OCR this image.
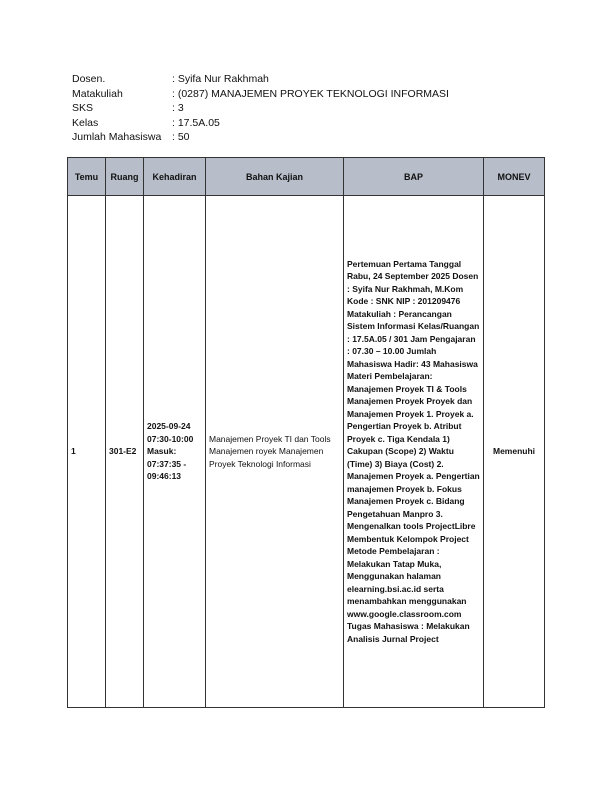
Dosen.	: Syifa Nur Rakhmah
Matakuliah	: (0287) MANAJEMEN PROYEK TEKNOLOGI INFORMASI
SKS	: 3
Kelas	: 17.5A.05
Jumlah Mahasiswa	: 50
Temu	Ruang	Kehadiran	Bahan Kajian	BAP	MONEV
1	301-E2	2025-09-24 07:30-10:00 Masuk: 07:37:35 - 09:46:13	Manajemen Proyek TI dan Tools Manajemen royek Manajemen Proyek Teknologi Informasi	Pertemuan Pertama Tanggal Rabu, 24 September 2025 Dosen : Syifa Nur Rakhmah, M.Kom Kode : SNK NIP : 201209476 Matakuliah : Perancangan Sistem Informasi Kelas/Ruangan : 17.5A.05 / 301 Jam Pengajaran : 07.30 – 10.00 Jumlah Mahasiswa Hadir: 43 Mahasiswa Materi Pembelajaran: Manajemen Proyek TI & Tools Manajemen Proyek Proyek dan Manajemen Proyek 1. Proyek a. Pengertian Proyek b. Atribut Proyek c. Tiga Kendala 1) Cakupan (Scope) 2) Waktu (Time) 3) Biaya (Cost) 2. Manajemen Proyek a. Pengertian manajemen Proyek b. Fokus Manajemen Proyek c. Bidang Pengetahuan Manpro 3. Mengenalkan tools ProjectLibre Membentuk Kelompok Project Metode Pembelajaran : Melakukan Tatap Muka, Menggunakan halaman elearning.bsi.ac.id serta menambahkan menggunakan www.google.classroom.com Tugas Mahasiswa : Melakukan Analisis Jurnal Project	Memenuhi
